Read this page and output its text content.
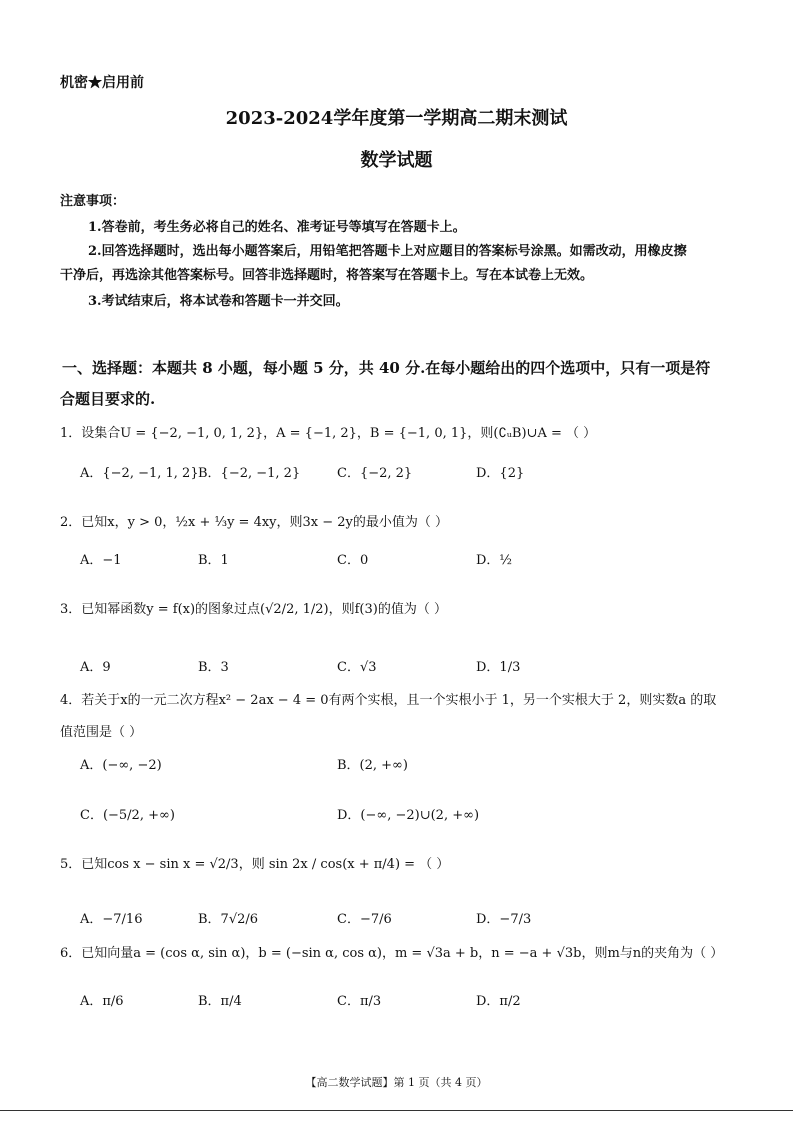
机密★启用前
2023-2024学年度第一学期高二期末测试
数学试题
注意事项：
1.答卷前，考生务必将自己的姓名、准考证号等填写在答题卡上。
2.回答选择题时，选出每小题答案后，用铅笔把答题卡上对应题目的答案标号涂黑。如需改动，用橡皮擦
干净后，再选涂其他答案标号。回答非选择题时，将答案写在答题卡上。写在本试卷上无效。
3.考试结束后，将本试卷和答题卡一并交回。
一、选择题：本题共 8 小题，每小题 5 分，共 40 分.在每小题给出的四个选项中，只有一项是符
合题目要求的.
1．设集合U = {−2, −1, 0, 1, 2}，A = {−1, 2}，B = {−1, 0, 1}，则(∁ᵤB)∪A = （ ）
A．{−2, −1, 1, 2} B．{−2, −1, 2}	C．{−2, 2}	D．{2}
2．已知x，y > 0，½x + ⅓y = 4xy，则3x − 2y的最小值为（ ）
A．−1	B．1	C．0	D．½
3．已知幂函数y = f(x)的图象过点(√2/2, 1/2)，则f(3)的值为（ ）
A．9	B．3	C．√3	D．1/3
4．若关于x的一元二次方程x² − 2ax − 4 = 0有两个实根，且一个实根小于 1，另一个实根大于 2，则实数a 的取
值范围是（ ）
A．(−∞, −2)	B．(2, +∞)
C．(−5/2, +∞)	D．(−∞, −2)∪(2, +∞)
5．已知cos x − sin x = √2/3，则 sin 2x / cos(x + π/4) = （ ）
A．−7/16	B．7√2/6	C．−7/6	D．−7/3
6．已知向量a = (cos α, sin α)，b = (−sin α, cos α)，m = √3a + b，n = −a + √3b，则m与n的夹角为（ ）
A．π/6	B．π/4	C．π/3	D．π/2
【高二数学试题】第 1 页（共 4 页）
